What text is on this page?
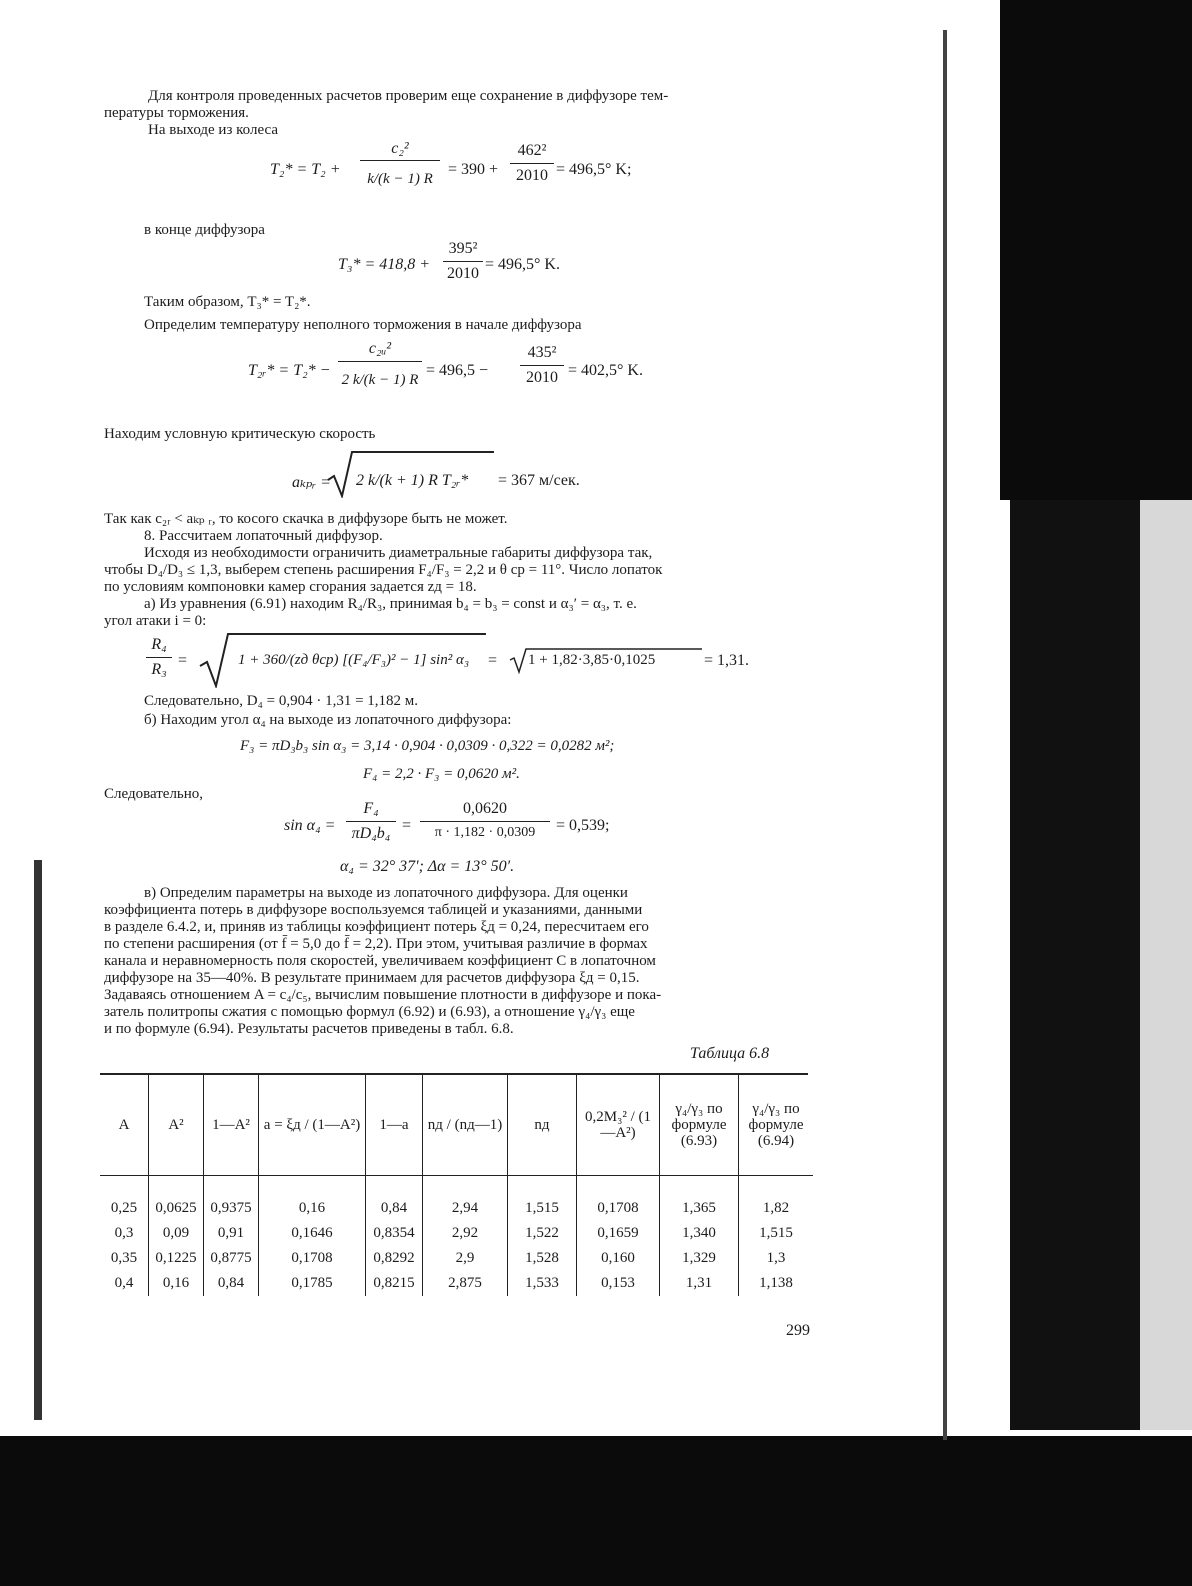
Для контроля проведенных расчетов проверим еще сохранение в диффузоре тем-
пературы торможения.
На выходе из колеса
T₂* = T₂ +
c₂²
k/(k − 1) R
= 390 +
462²
2010 = 496,5° K;
в конце диффузора
T₃* = 418,8 +
395²
2010
= 496,5° K.
Таким образом, T₃* = T₂*.
Определим температуру неполного торможения в начале диффузора
T₂ᵣ* = T₂* −
c₂ᵤ²
2 k/(k − 1) R
= 496,5 −
435²
2010 = 402,5° K.
Находим условную критическую скорость
aₖₚᵣ = 2 k/(k + 1) R T₂ᵣ* = 367 м/сек.
Так как c₂ᵣ < aₖₚ ᵣ, то косого скачка в диффузоре быть не может.
8. Рассчитаем лопаточный диффузор.
Исходя из необходимости ограничить диаметральные габариты диффузора так,
чтобы D₄/D₃ ≤ 1,3, выберем степень расширения F₄/F₃ = 2,2 и θ ср = 11°. Число лопаток
по условиям компоновки камер сгорания задается zд = 18.
а) Из уравнения (6.91) находим R₄/R₃, принимая b₄ = b₃ = const и α₃′ = α₃, т. е.
угол атаки i = 0:
R₄
R₃
=	1 + 360/(zд θср) [(F₄/F₃)² − 1] sin² α₃ = 1 + 1,82·3,85·0,1025	= 1,31.
Следовательно, D₄ = 0,904 · 1,31 = 1,182 м.
б) Находим угол α₄ на выходе из лопаточного диффузора:
F₃ = πD₃b₃ sin α₃ = 3,14 · 0,904 · 0,0309 · 0,322 = 0,0282 м²;
F₄ = 2,2 · F₃ = 0,0620 м².
Следовательно,
sin α₄ =
F₄
πD₄b₄ =
0,0620
π · 1,182 · 0,0309	= 0,539;
α₄ = 32° 37′; Δα = 13° 50′.
в) Определим параметры на выходе из лопаточного диффузора. Для оценки
коэффициента потерь в диффузоре воспользуемся таблицей и указаниями, данными
в разделе 6.4.2, и, приняв из таблицы коэффициент потерь ξд = 0,24, пересчитаем его
по степени расширения (от f̄ = 5,0 до f̄ = 2,2). При этом, учитывая различие в формах
канала и неравномерность поля скоростей, увеличиваем коэффициент C в лопаточном
диффузоре на 35—40%. В результате принимаем для расчетов диффузора ξд = 0,15.
Задаваясь отношением A = c₄/c₅, вычислим повышение плотности в диффузоре и пока-
затель политропы сжатия с помощью формул (6.92) и (6.93), а отношение γ₄/γ₃ еще
и по формуле (6.94). Результаты расчетов приведены в табл. 6.8.
Таблица 6.8
A	A²	1—A²	a = ξд / (1—A²)	1—a	nд / (nд—1)	nд	0,2M₃² / (1—A²)	γ₄/γ₃ по формуле (6.93)	γ₄/γ₃ по формуле (6.94)
0,25	0,0625	0,9375	0,16	0,84	2,94	1,515	0,1708	1,365	1,82
0,3	0,09	0,91	0,1646	0,8354	2,92	1,522	0,1659	1,340	1,515
0,35	0,1225	0,8775	0,1708	0,8292	2,9	1,528	0,160	1,329	1,3
0,4	0,16	0,84	0,1785	0,8215	2,875	1,533	0,153	1,31	1,138
299
